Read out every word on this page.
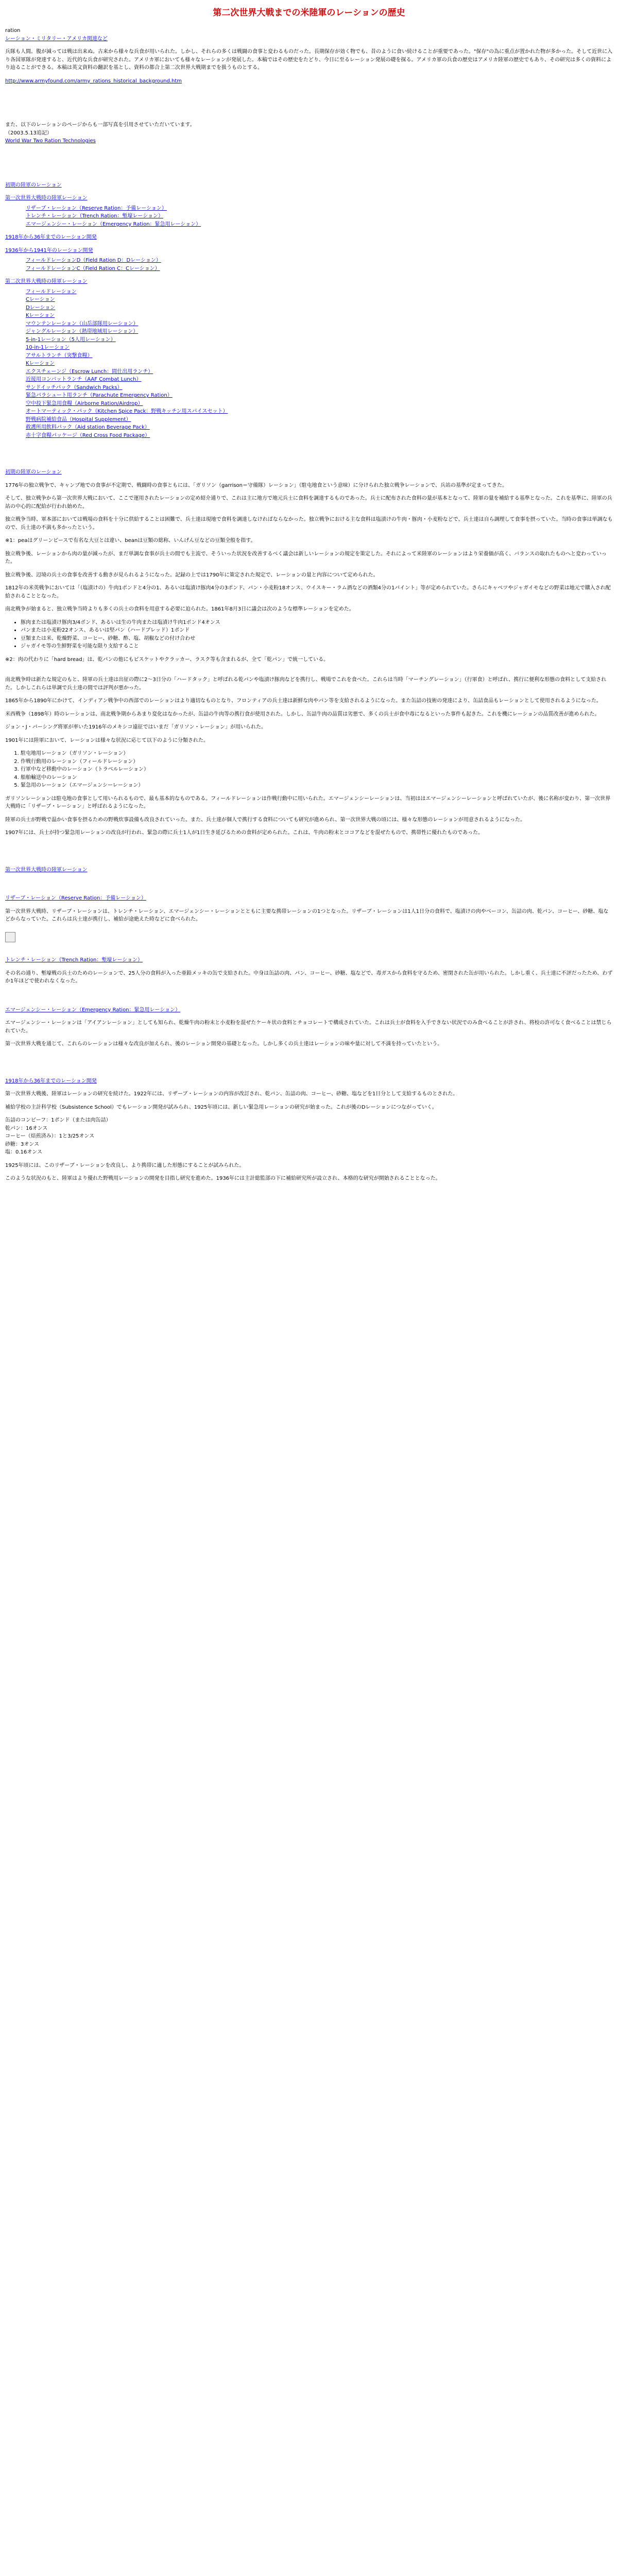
第二次世界大戦までの米陸軍のレーションの歴史

ration

レーション・ミリタリー・アメリカ関連など

兵隊も人間。腹が減っては戦は出来ぬ。古来から様々な兵食が用いられた。しかし、それらの多くは戦闘の食事と変わるものだった。長期保存が効く物でも、昔のように食い続けることが重要であった。"保存"の為に重点が置かれた物が多かった。そして近世に入り各国軍隊が発達すると、近代的な兵食が研究された。アメリカ軍においても様々なレーションが発展した。本稿ではその歴史をたどり、今日に至るレーション発展の礎を探る。アメリカ軍の兵食の歴史はアメリカ陸軍の歴史でもあり、その研究は多くの資料により辿ることができる。本稿は英文資料の翻訳を基とし、資料の都合上第二次世界大戦期までを扱うものとする。

http://www.armyfound.com/army_rations_historical_background.htm

また、以下のレーションのページからも一部写真を引用させていただいています。

（2003.5.13追記）

World War Two Ration Technologies

初期の陸軍のレーション
第一次世界大戦時の陸軍レーション
リザーブ・レーション（Reserve Ration：予備レーション）
トレンチ・レーション（Trench Ration：塹壕レーション）
エマージェンシー・レーション（Emergency Ration：緊急用レーション）
1918年から36年までのレーション開発
1936年から1941年のレーション開発
フィールドレーションD（Field Ration D：Dレーション）
フィールドレーションC（Field Ration C：Cレーション）
第二次世界大戦時の陸軍レーション
フィールドレーション
Cレーション
Dレーション
Kレーション
マウンテンレーション（山岳部隊用レーション）
ジャングルレーション（熱帯地域用レーション）
5-in-1レーション（5人用レーション）
10-in-1レーション
アサルトランチ（突撃食糧）
Kレーション
エクスチェーンジ（Escrow Lunch：間仕出用ランチ）
近接用コンバットランチ（AAF Combat Lunch）
サンドイッチパック（Sandwich Packs）
緊急パラシュート用ランチ（Parachute Emergency Ration）
空中投下緊急用食糧（Airborne Ration/Airdrop）
オートマーティック・パック（Kitchen Spice Pack：野戦キッチン用スパイスセット）
野戦病院補給食品（Hospital Supplement）
救護所用飲料パック（Aid station Beverage Pack）
赤十字食糧パッケージ（Red Cross Food Package）

初期の陸軍のレーション

1776年の独立戦争で、キャンプ地での食事が不定期で、戦闘時の食事ともには、「ガリソン（garrison＝守備隊）レーション」（駐屯地食という意味）に分けられた独立戦争レーションで、兵站の基準が定まってきた。

そして、独立戦争から第一次世界大戦において、ここで運用されたレーションの定め紹介通りで、これは主に地方で地元兵士に食料を調達するものであった。兵士に配布された食料の量が基本となって、陸軍の量を補給する基準となった。これを基準に、陸軍の兵站の中心的に配給が行われ始めた。

独立戦争当時、軍本部においては戦場の食料を十分に供給することは困難で、兵士達は現地で食料を調達しなければならなかった。独立戦争における主な食料は塩漬けの牛肉・豚肉・小麦粉などで、兵士達は自ら調理して食事を摂っていた。当時の食事は単調なもので、兵士達の不満も多かったという。

※1：peaはグリーンピースで有名な大豆とは違い、beanは豆類の総称、いんげん豆などの豆類全般を指す。

独立戦争後、レーションから肉の量が減ったが、まだ単調な食事が兵士の間でも主流で、そういった状況を改善するべく議会は新しいレーションの規定を策定した。それによって米陸軍のレーションはより栄養価が高く、バランスの取れたものへと変わっていった。

独立戦争後、辺境の兵士の食事を改善する動きが見られるようになった。記録の上では1790年に策定された規定で、レーションの量と内容について定められた。

1812年の米英戦争においては「（塩漬けの）牛肉1ポンドと4分の1、あるいは塩漬け豚肉4分の3ポンド、パン・小麦粉18オンス、ウイスキー・ラム酒などの酒類4分の1パイント」等が定められていた。さらにキャベツやジャガイモなどの野菜は地元で購入され配給されることとなった。

南北戦争が始まると、独立戦争当時よりも多くの兵士の食料を用意する必要に迫られた。1861年8月3日に議会は次のような標準レーションを定めた。

• 豚肉または塩漬け豚肉3/4ポンド、あるいは生の牛肉または塩漬け牛肉1ポンド4オンス
• パンまたは小麦粉22オンス、あるいは堅パン（ハードブレッド）1ポンド
• 豆類または米、乾燥野菜、コーヒー、砂糖、酢、塩、胡椒などの付け合わせ
• ジャガイモ等の生鮮野菜を可能な限り支給すること

※2：肉の代わりに「hard bread」は、乾パンの他にもビスケットやクラッカー、ラスク等も含まれるが、全て「乾パン」で統一している。

南北戦争時は新たな規定のもと、陸軍の兵士達は出征の際に2〜3日分の「ハードタック」と呼ばれる乾パンや塩漬け豚肉などを携行し、戦場でこれを食べた。これらは当時「マーチングレーション」（行軍食）と呼ばれ、携行に便利な形態の食料として支給された。しかしこれらは単調で兵士達の間では評判が悪かった。

1865年から1890年にかけて、インディアン戦争中の西部でのレーションはより適切なものとなり、フロンティアの兵士達は新鮮な肉やパン等を支給されるようになった。また缶詰の技術の発達により、缶詰食品もレーションとして使用されるようになった。

米西戦争（1898年）時のレーションは、南北戦争期からあまり変化はなかったが、缶詰の牛肉等の携行食が使用された。しかし、缶詰牛肉の品質は劣悪で、多くの兵士が食中毒になるといった事件も起きた。これを機にレーションの品質改善が進められた。

ジョン・J・パーシング将軍が率いた1916年のメキシコ遠征ではいまだ「ガリソン・レーション」が用いられた。

1901年には陸軍において、レーションは様々な状況に応じて以下のように分類された。

1. 駐屯地用レーション（ガリソン・レーション）
2. 作戦行動用のレーション（フィールドレーション）
3. 行軍中など移動中のレーション（トラベルレーション）
4. 船舶輸送中のレーション
5. 緊急用のレーション（エマージェンシーレーション）

ガリソンレーションは駐屯地の食事として用いられるもので、最も基本的なものである。フィールドレーションは作戦行動中に用いられた。エマージェンシーレーションは、当初ははエマージェンシーレーションと呼ばれていたが、後に名称が変わり、第一次世界大戦時に「リザーブ・レーション」と呼ばれるようになった。

陸軍の兵士が野戦で温かい食事を摂るための野戦炊事設備も改良されていった。また、兵士達が個人で携行する食料についても研究が進められ、第一次世界大戦の頃には、様々な形態のレーションが用意されるようになった。

1907年には、兵士が持つ緊急用レーションの改良が行われ、緊急の際に兵士1人が1日生き延びるための食料が定められた。これは、牛肉の粉末とココアなどを混ぜたもので、携帯性に優れたものであった。

第一次世界大戦時の陸軍レーション

リザーブ・レーション（Reserve Ration：予備レーション）

第一次世界大戦時、リザーブ・レーションは、トレンチ・レーション、エマージェンシー・レーションとともに主要な携帯レーションの1つとなった。リザーブ・レーションは1人1日分の食料で、塩漬けの肉やベーコン、缶詰の肉、乾パン、コーヒー、砂糖、塩などからなっていた。これらは兵士達が携行し、補給が途絶えた時などに食べられた。

トレンチ・レーション（Trench Ration：塹壕レーション）

その名の通り、塹壕戦の兵士のためのレーションで、25人分の食料が入った亜鉛メッキの缶で支給された。中身は缶詰の肉、パン、コーヒー、砂糖、塩などで、毒ガスから食料を守るため、密閉された缶が用いられた。しかし重く、兵士達に不評だったため、わずか1年ほどで使われなくなった。

エマージェンシー・レーション（Emergency Ration：緊急用レーション）

エマージェンシー・レーションは「アイアンレーション」としても知られ、乾燥牛肉の粉末と小麦粉を混ぜたケーキ状の食料とチョコレートで構成されていた。これは兵士が食料を入手できない状況でのみ食べることが許され、将校の許可なく食べることは禁じられていた。

第一次世界大戦を通じて、これらのレーションは様々な改良が加えられ、後のレーション開発の基礎となった。しかし多くの兵士達はレーションの味や量に対して不満を持っていたという。

1918年から36年までのレーション開発

第一次世界大戦後、陸軍はレーションの研究を続けた。1922年には、リザーブ・レーションの内容が改訂され、乾パン、缶詰の肉、コーヒー、砂糖、塩などを1日分として支給するものとされた。

補給学校の主計科学校（Subsistence School）でもレーション開発が試みられ、1925年頃には、新しい緊急用レーションの研究が始まった。これが後のDレーションにつながっていく。

缶詰のコンビーフ：1ポンド（または肉缶詰）

乾パン：16オンス

コーヒー（焙煎済み）：1と3/25オンス

砂糖：3オンス

塩：0.16オンス

1925年頃には、このリザーブ・レーションを改良し、より携帯に適した形態にすることが試みられた。

このような状況のもと、陸軍はより優れた野戦用レーションの開発を目指し研究を進めた。1936年には主計総監部の下に補給研究所が設立され、本格的な研究が開始されることとなった。
